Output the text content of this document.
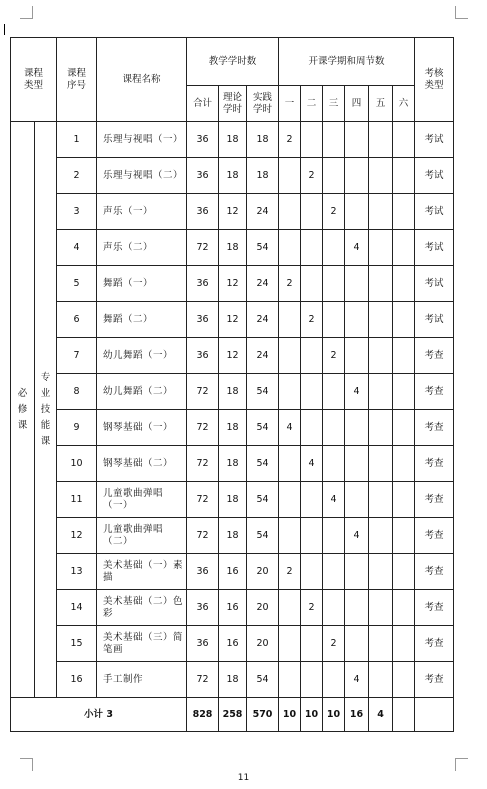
课程类型		课程序号	课程名称	教学学时数			开课学期和周节数						考核类型
				合计	理论学时	实践学时	一	二	三	四	五	六	
必修课	专业技能课	1	乐理与视唱（一）	36	18	18	2						考试
		2	乐理与视唱（二）	36	18	18		2					考试
		3	声乐（一）	36	12	24			2				考试
		4	声乐（二）	72	18	54				4			考试
		5	舞蹈（一）	36	12	24	2						考试
		6	舞蹈（二）	36	12	24		2					考试
		7	幼儿舞蹈（一）	36	12	24			2				考查
		8	幼儿舞蹈（二）	72	18	54				4			考查
		9	钢琴基础（一）	72	18	54	4						考查
		10	钢琴基础（二）	72	18	54		4					考查
		11	儿童歌曲弹唱（一）	72	18	54			4				考查
		12	儿童歌曲弹唱（二）	72	18	54				4			考查
		13	美术基础（一）素描	36	16	20	2						考查
		14	美术基础（二）色彩	36	16	20		2					考查
		15	美术基础（三）简笔画	36	16	20			2				考查
		16	手工制作	72	18	54				4			考查
小计 3				828	258	570	10	10	10	16	4		
11
